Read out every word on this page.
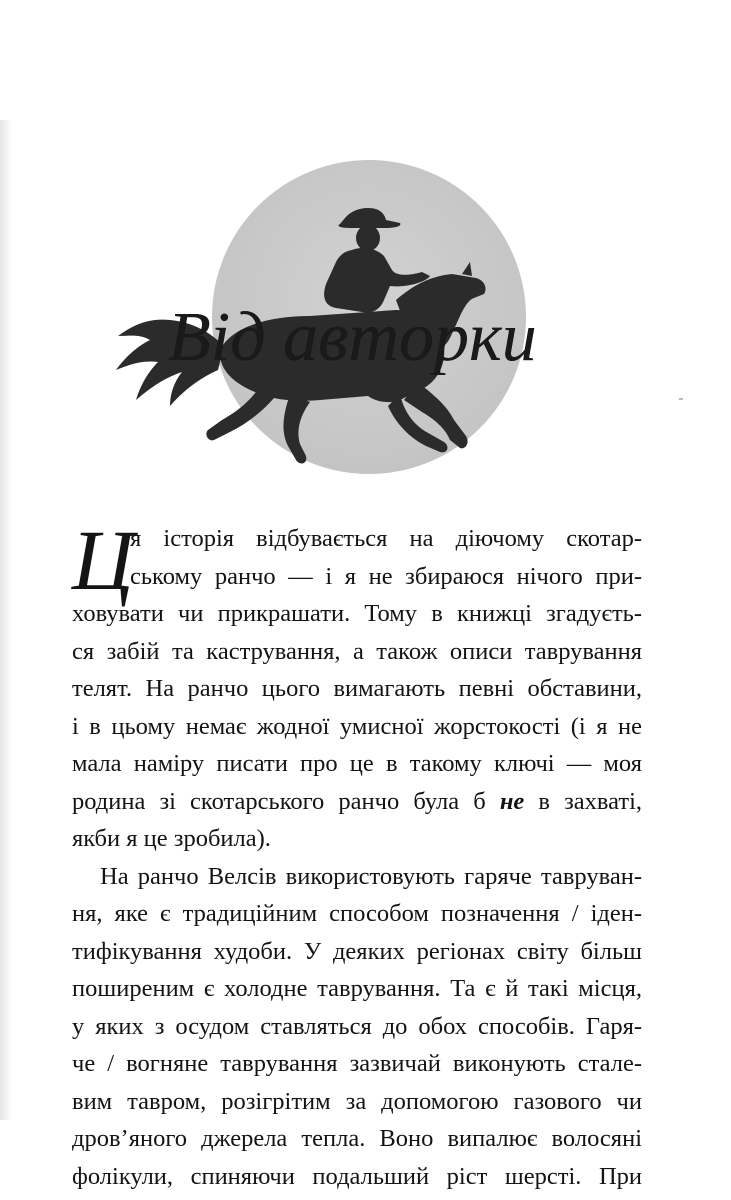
Від авторки
Ц

я історія відбувається на діючому скотар-
ському ранчо — і я не збираюся нічого при-
ховувати чи прикрашати. Тому в книжці згадуєть-
ся забій та кастрування, а також описи таврування
телят. На ранчо цього вимагають певні обставини,
і в цьому немає жодної умисної жорстокості (і я не
мала наміру писати про це в такому ключі — моя
родина зі скотарського ранчо була б не в захваті,
якби я це зробила).

На ранчо Велсів використовують гаряче тавруван-
ня, яке є традиційним способом позначення / іден-
тифікування худоби. У деяких регіонах світу більш
поширеним є холодне таврування. Та є й такі місця,
у яких з осудом ставляться до обох способів. Гаря-
че / вогняне таврування зазвичай виконують стале-
вим тавром, розігрітим за допомогою газового чи
дров’яного джерела тепла. Воно випалює волосяні
фолікули, спиняючи подальший ріст шерсті. При
